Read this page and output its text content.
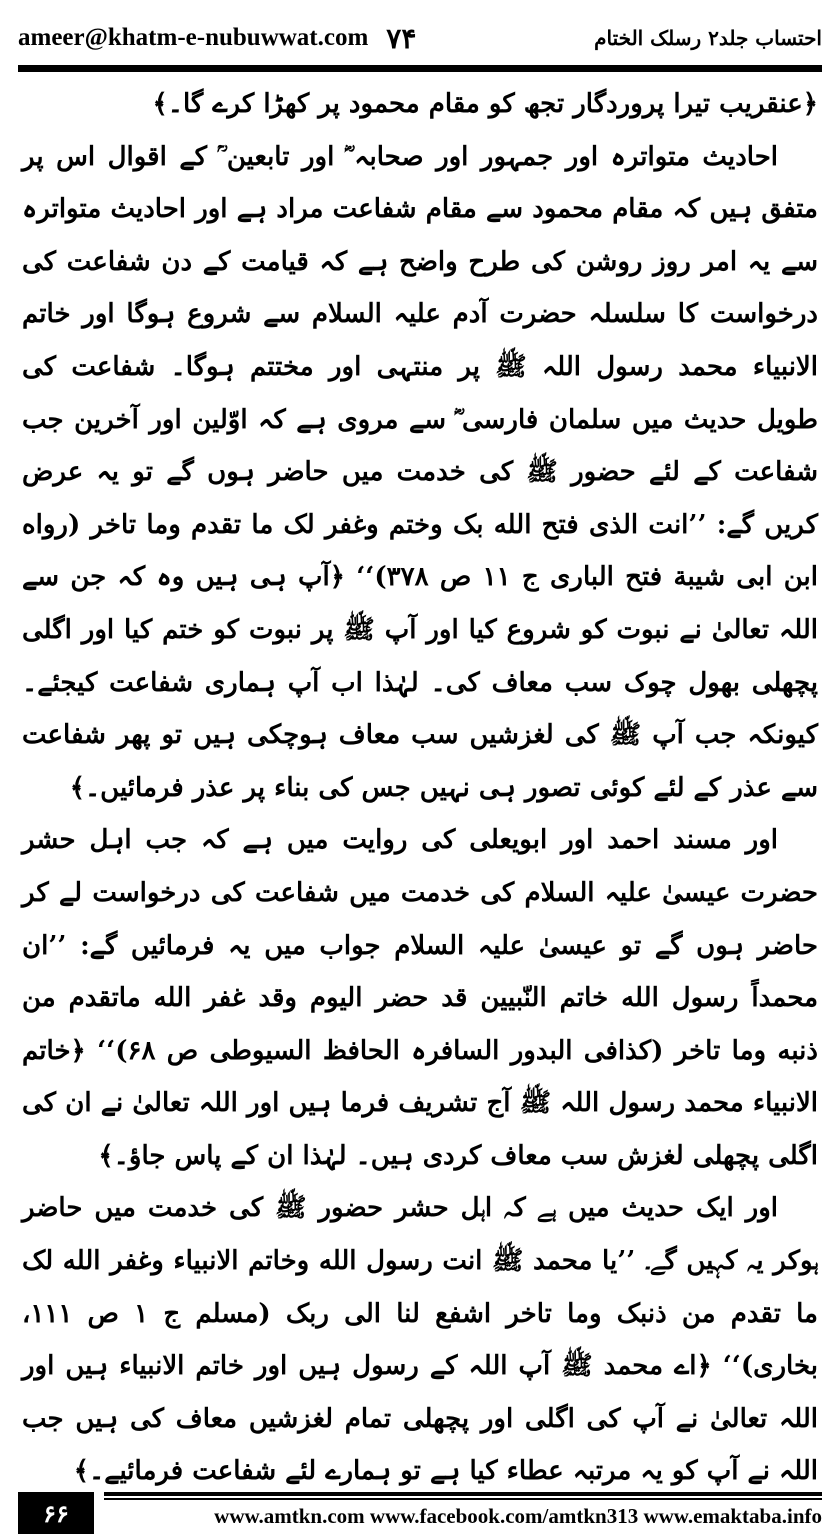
ameer@khatm-e-nubuwwat.com ۷۴	احتساب جلد۲ رسلک الختام

﴿عنقریب تیرا پروردگار تجھ کو مقام محمود پر کھڑا کرے گا۔﴾

احادیث متواترہ اور جمہور اور صحابہ ؓ اور تابعین ؒ کے اقوال اس پر متفق ہیں کہ مقام محمود سے مقام شفاعت مراد ہے اور احادیث متواترہ سے یہ امر روز روشن کی طرح واضح ہے کہ قیامت کے دن شفاعت کی درخواست کا سلسلہ حضرت آدم علیہ السلام سے شروع ہوگا اور خاتم الانبیاء محمد رسول اللہ ﷺ پر منتہی اور مختتم ہوگا۔ شفاعت کی طویل حدیث میں سلمان فارسی ؓ سے مروی ہے کہ اوّلین اور آخرین جب شفاعت کے لئے حضور ﷺ کی خدمت میں حاضر ہوں گے تو یہ عرض کریں گے: ’’انت الذی فتح الله بک وختم وغفر لک ما تقدم وما تاخر (رواه ابن ابی شیبة فتح الباری ج ۱۱ ص ۳۷۸)‘‘ ﴿آپ ہی ہیں وہ کہ جن سے اللہ تعالیٰ نے نبوت کو شروع کیا اور آپ ﷺ پر نبوت کو ختم کیا اور اگلی پچھلی بھول چوک سب معاف کی۔ لہٰذا اب آپ ہماری شفاعت کیجئے۔ کیونکہ جب آپ ﷺ کی لغزشیں سب معاف ہوچکی ہیں تو پھر شفاعت سے عذر کے لئے کوئی تصور ہی نہیں جس کی بناء پر عذر فرمائیں۔﴾

اور مسند احمد اور ابویعلی کی روایت میں ہے کہ جب اہل حشر حضرت عیسیٰ علیہ السلام کی خدمت میں شفاعت کی درخواست لے کر حاضر ہوں گے تو عیسیٰ علیہ السلام جواب میں یہ فرمائیں گے: ’’ان محمداً رسول الله خاتم النّبیین قد حضر الیوم وقد غفر الله ماتقدم من ذنبه وما تاخر (کذافی البدور السافرہ الحافظ السیوطی ص ۶۸)‘‘ ﴿خاتم الانبیاء محمد رسول اللہ ﷺ آج تشریف فرما ہیں اور اللہ تعالیٰ نے ان کی اگلی پچھلی لغزش سب معاف کردی ہیں۔ لہٰذا ان کے پاس جاؤ۔﴾

اور ایک حدیث میں ہے کہ اہل حشر حضور ﷺ کی خدمت میں حاضر ہوکر یہ کہیں گے۔ ’’یا محمد ﷺ انت رسول الله وخاتم الانبیاء وغفر الله لک ما تقدم من ذنبک وما تاخر اشفع لنا الی ربک (مسلم ج ۱ ص ۱۱۱، بخاری)‘‘ ﴿اے محمد ﷺ آپ اللہ کے رسول ہیں اور خاتم الانبیاء ہیں اور اللہ تعالیٰ نے آپ کی اگلی اور پچھلی تمام لغزشیں معاف کی ہیں جب اللہ نے آپ کو یہ مرتبہ عطاء کیا ہے تو ہمارے لئے شفاعت فرمائیے۔﴾

۶۶	www.amtkn.com www.facebook.com/amtkn313 www.emaktaba.info
